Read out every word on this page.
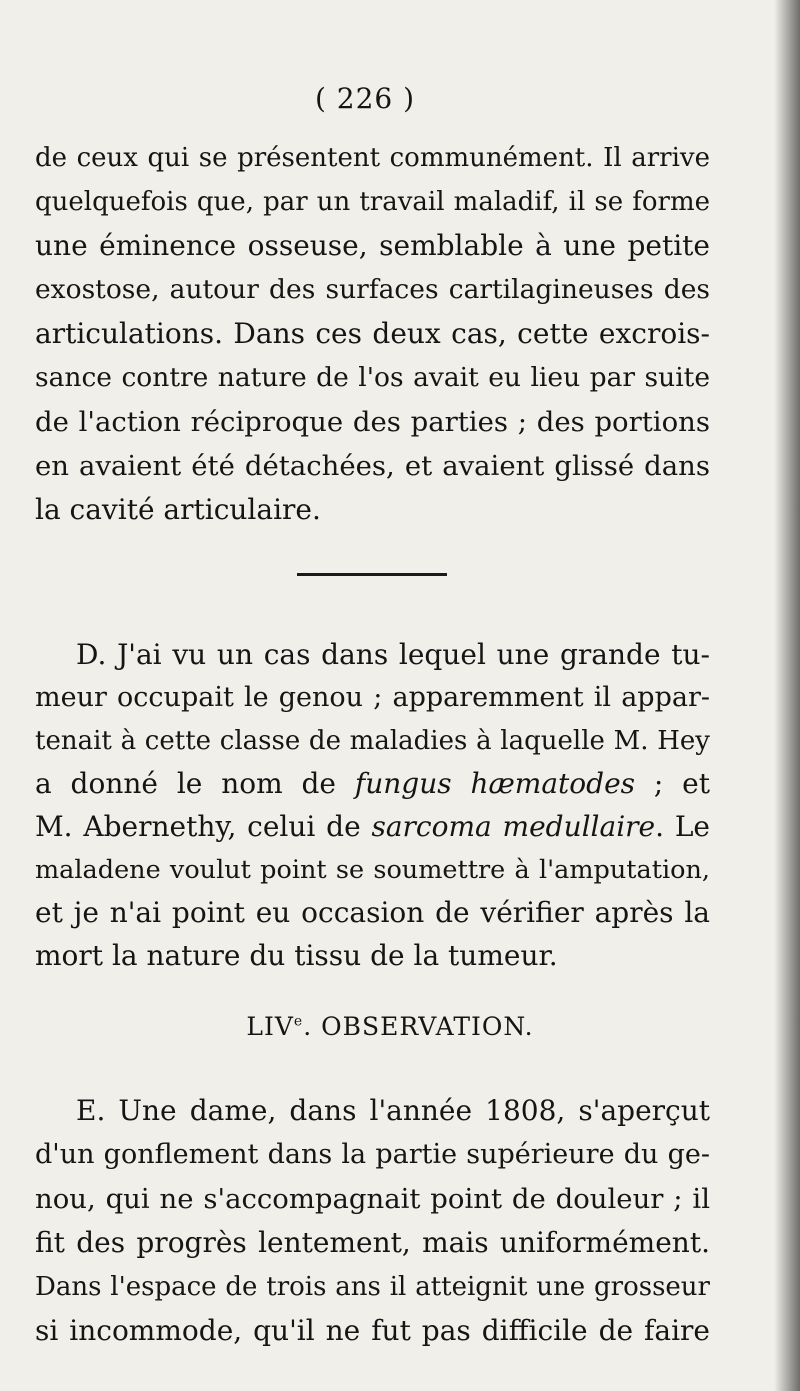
( 226 )
de ceux qui se présentent communément. Il arrive
quelquefois que, par un travail maladif, il se forme
une éminence osseuse, semblable à une petite
exostose, autour des surfaces cartilagineuses des
articulations. Dans ces deux cas, cette excrois-
sance contre nature de l'os avait eu lieu par suite
de l'action réciproque des parties ; des portions
en avaient été détachées, et avaient glissé dans
la cavité articulaire.
D. J'ai vu un cas dans lequel une grande tu-
meur occupait le genou ; apparemment il appar-
tenait à cette classe de maladies à laquelle M. Hey
a donné le nom de fungus hæmatodes ; et
M. Abernethy, celui de sarcoma medullaire. Le
maladene voulut point se soumettre à l'amputation,
et je n'ai point eu occasion de vérifier après la
mort la nature du tissu de la tumeur.
LIVe. OBSERVATION.
E. Une dame, dans l'année 1808, s'aperçut
d'un gonflement dans la partie supérieure du ge-
nou, qui ne s'accompagnait point de douleur ; il
fit des progrès lentement, mais uniformément.
Dans l'espace de trois ans il atteignit une grosseur
si incommode, qu'il ne fut pas difficile de faire
